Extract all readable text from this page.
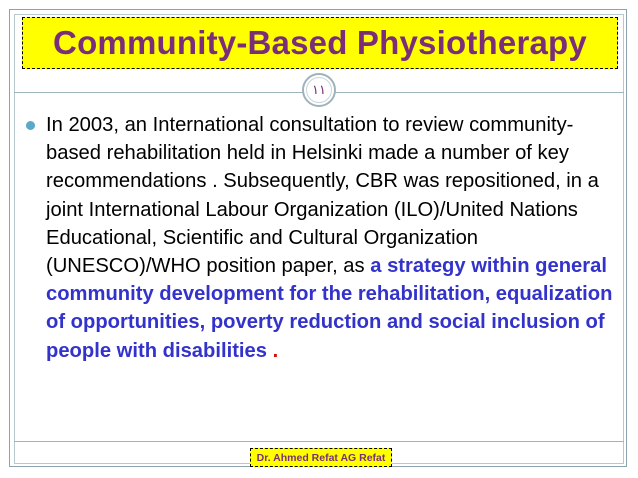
Community-Based Physiotherapy
١١
In 2003, an International consultation to review community-based rehabilitation held in Helsinki made a number of key recommendations . Subsequently, CBR was repositioned, in a joint International Labour Organization (ILO)/United Nations Educational, Scientific and Cultural Organization (UNESCO)/WHO position paper, as a strategy within general community development for the rehabilitation, equalization of opportunities, poverty reduction and social inclusion of people with disabilities .
Dr. Ahmed Refat AG Refat
